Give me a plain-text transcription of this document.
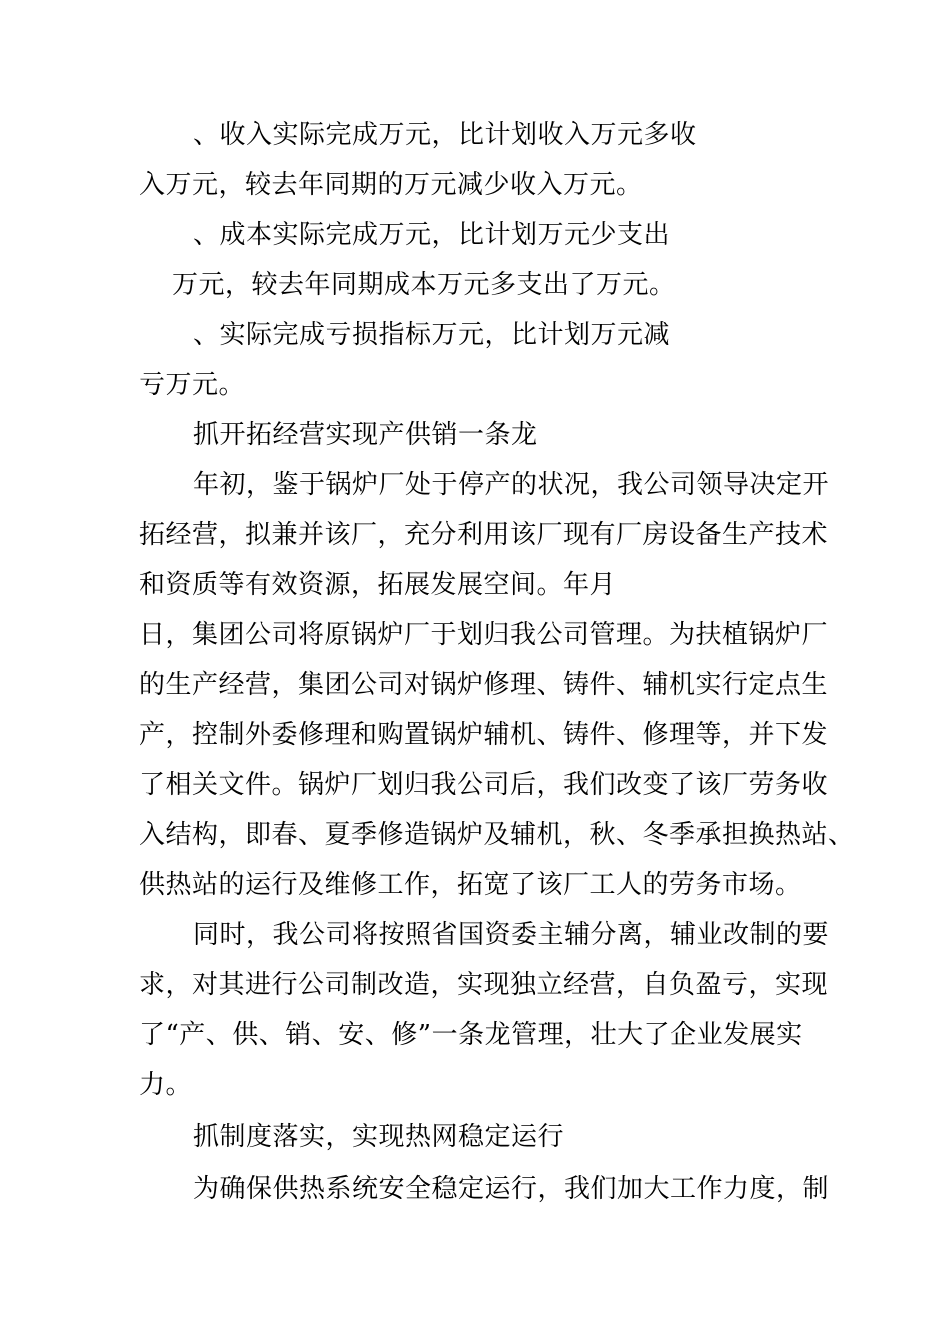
、收入实际完成万元，比计划收入万元多收
入万元，较去年同期的万元减少收入万元。
、成本实际完成万元，比计划万元少支出
万元，较去年同期成本万元多支出了万元。
、实际完成亏损指标万元，比计划万元减
亏万元。
抓开拓经营实现产供销一条龙
年初，鉴于锅炉厂处于停产的状况，我公司领导决定开
拓经营，拟兼并该厂，充分利用该厂现有厂房设备生产技术
和资质等有效资源，拓展发展空间。年月
日，集团公司将原锅炉厂于划归我公司管理。为扶植锅炉厂
的生产经营，集团公司对锅炉修理、铸件、辅机实行定点生
产，控制外委修理和购置锅炉辅机、铸件、修理等，并下发
了相关文件。锅炉厂划归我公司后，我们改变了该厂劳务收
入结构，即春、夏季修造锅炉及辅机，秋、冬季承担换热站、
供热站的运行及维修工作，拓宽了该厂工人的劳务市场。
同时，我公司将按照省国资委主辅分离，辅业改制的要
求，对其进行公司制改造，实现独立经营，自负盈亏，实现
了“产、供、销、安、修”一条龙管理，壮大了企业发展实
力。
抓制度落实，实现热网稳定运行
为确保供热系统安全稳定运行，我们加大工作力度，制
